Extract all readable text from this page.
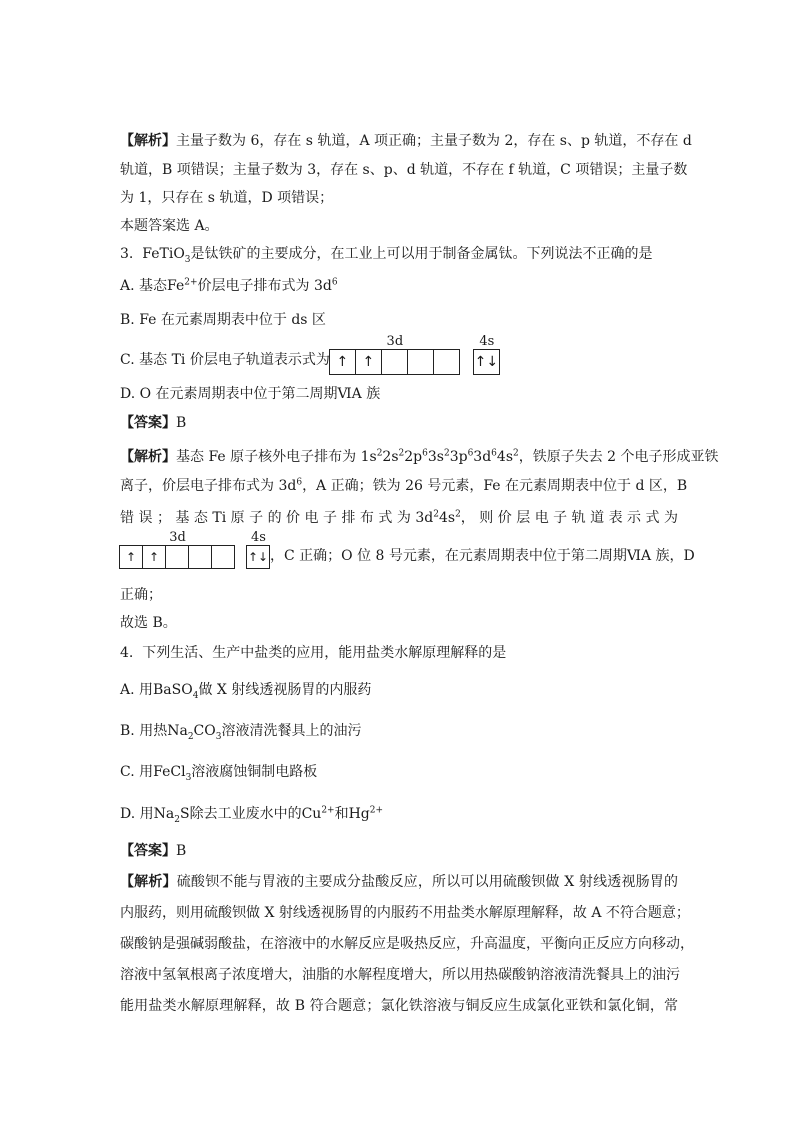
【解析】主量子数为 6，存在 s 轨道，A 项正确；主量子数为 2，存在 s、p 轨道，不存在 d
轨道，B 项错误；主量子数为 3，存在 s、p、d 轨道，不存在 f 轨道，C 项错误；主量子数
为 1，只存在 s 轨道，D 项错误；
本题答案选 A。
3. FeTiO$_3$是钛铁矿的主要成分，在工业上可以用于制备金属钛。下列说法不正确的是
A. 基态$Fe^{2+}$价层电子排布式为 $3d^6$
B. Fe 在元素周期表中位于 ds 区
C. 基态 Ti 价层电子轨道表示式为
3d
↑	↑
4s
↑↓
D. O 在元素周期表中位于第二周期ⅥA 族
【答案】B
【解析】基态 Fe 原子核外电子排布为 $1s^22s^22p^63s^23p^63d^64s^2$，铁原子失去 2 个电子形成亚铁
离子，价层电子排布式为 $3d^6$，A 正确；铁为 26 号元素，Fe 在元素周期表中位于 d 区，B
错 误 ； 基 态 Ti 原 子 的 价 电 子 排 布 式 为 $3d^24s^2$， 则 价 层 电 子 轨 道 表 示 式 为
3d
↑	↑
4s
↑↓ ，C 正确；O 位 8 号元素，在元素周期表中位于第二周期ⅥA 族，D
正确；
故选 B。
4. 下列生活、生产中盐类的应用，能用盐类水解原理解释的是
A. 用BaSO$_4$做 X 射线透视肠胃的内服药
B. 用热$Na_2CO_3$溶液清洗餐具上的油污
C. 用FeCl$_3$溶液腐蚀铜制电路板
D. 用$Na_2S$除去工业废水中的$Cu^{2+}$和$Hg^{2+}$
【答案】B
【解析】硫酸钡不能与胃液的主要成分盐酸反应，所以可以用硫酸钡做 X 射线透视肠胃的
内服药，则用硫酸钡做 X 射线透视肠胃的内服药不用盐类水解原理解释，故 A 不符合题意；
碳酸钠是强碱弱酸盐，在溶液中的水解反应是吸热反应，升高温度，平衡向正反应方向移动，
溶液中氢氧根离子浓度增大，油脂的水解程度增大，所以用热碳酸钠溶液清洗餐具上的油污
能用盐类水解原理解释，故 B 符合题意；氯化铁溶液与铜反应生成氯化亚铁和氯化铜，常
